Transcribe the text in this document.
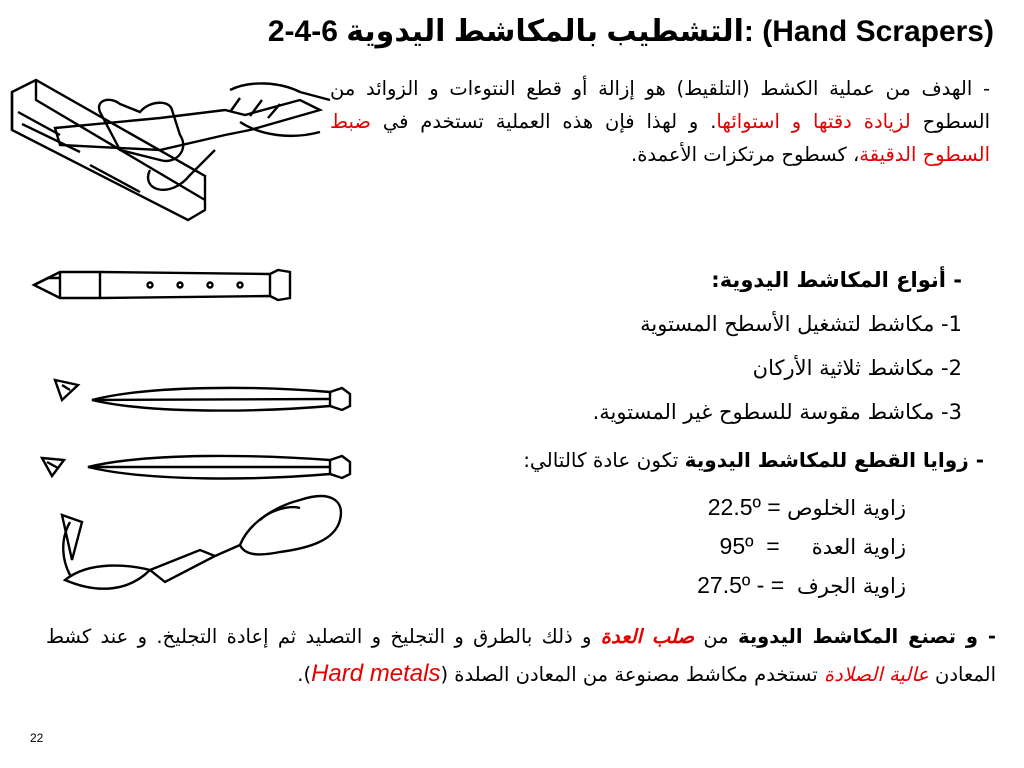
2-4-6 التشطيب بالمكاشط اليدوية: (Hand Scrapers)
- الهدف من عملية الكشط (التلقيط) هو إزالة أو قطع النتوءات و الزوائد من السطوح لزيادة دقتها و استوائها. و لهذا فإن هذه العملية تستخدم في ضبط السطوح الدقيقة، كسطوح مرتكزات الأعمدة.
- أنواع المكاشط اليدوية:
1- مكاشط لتشغيل الأسطح المستوية
2- مكاشط ثلاثية الأركان
3- مكاشط مقوسة للسطوح غير المستوية.
- زوايا القطع للمكاشط اليدوية تكون عادة كالتالي:
زاوية الخلوص = 22.5º
زاوية العدة     =  95º
زاوية الجرف  = - 27.5º
- و تصنع المكاشط اليدوية من صلب العدة و ذلك بالطرق و التجليخ و التصليد ثم إعادة التجليخ. و عند كشط المعادن عالية الصلادة تستخدم مكاشط مصنوعة من المعادن الصلدة (Hard metals).
22
